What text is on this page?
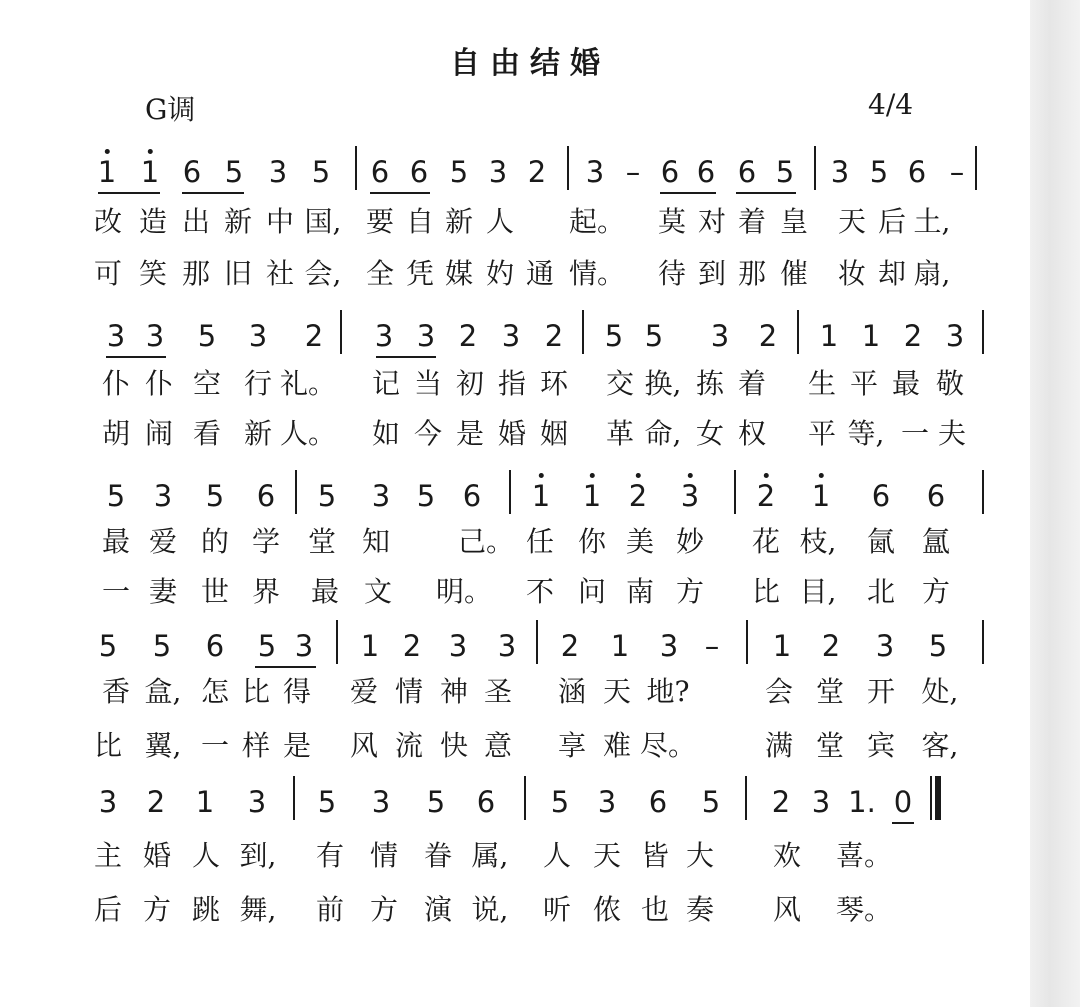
自由结婚
G调	4/4
1 1 6 5 3 5 6 6 5 3 2 3 – 6 6 6 5 3 5 6 –
改 造 出 新 中 国, 要 自 新 人 起。 莫 对 着 皇 天 后 土,
可 笑 那 旧 社 会, 全 凭 媒 妁 通 情。 待 到 那 催 妆 却 扇,
3 3 5 3 2 3 3 2 3 2 5 5 3 2 1 1 2 3
仆 仆 空 行 礼。 记 当 初 指 环 交 换, 拣 着 生 平 最 敬
胡 闹 看 新 人。 如 今 是 婚 姻 革 命, 女 权 平 等, 一 夫
5 3 5 6 5 3 5 6 1 1 2 3 2 1 6 6
最 爱 的 学 堂 知 己。 任 你 美 妙 花 枝, 氤 氲
一 妻 世 界 最 文 明。 不 问 南 方 比 目, 北 方
5 5 6 5 3 1 2 3 3 2 1 3 – 1 2 3 5
香 盒, 怎 比 得 爱 情 神 圣 涵 天 地?	会 堂 开 处,
比 翼, 一 样 是 风 流 快 意 享 难 尽。 满 堂 宾 客,
3 2 1 3 5 3 5 6 5 3 6 5 2 3 1. 0
主 婚 人 到, 有 情 眷 属, 人 天 皆 大 欢 喜。
后 方 跳 舞, 前 方 演 说, 听 侬 也 奏 风 琴。
